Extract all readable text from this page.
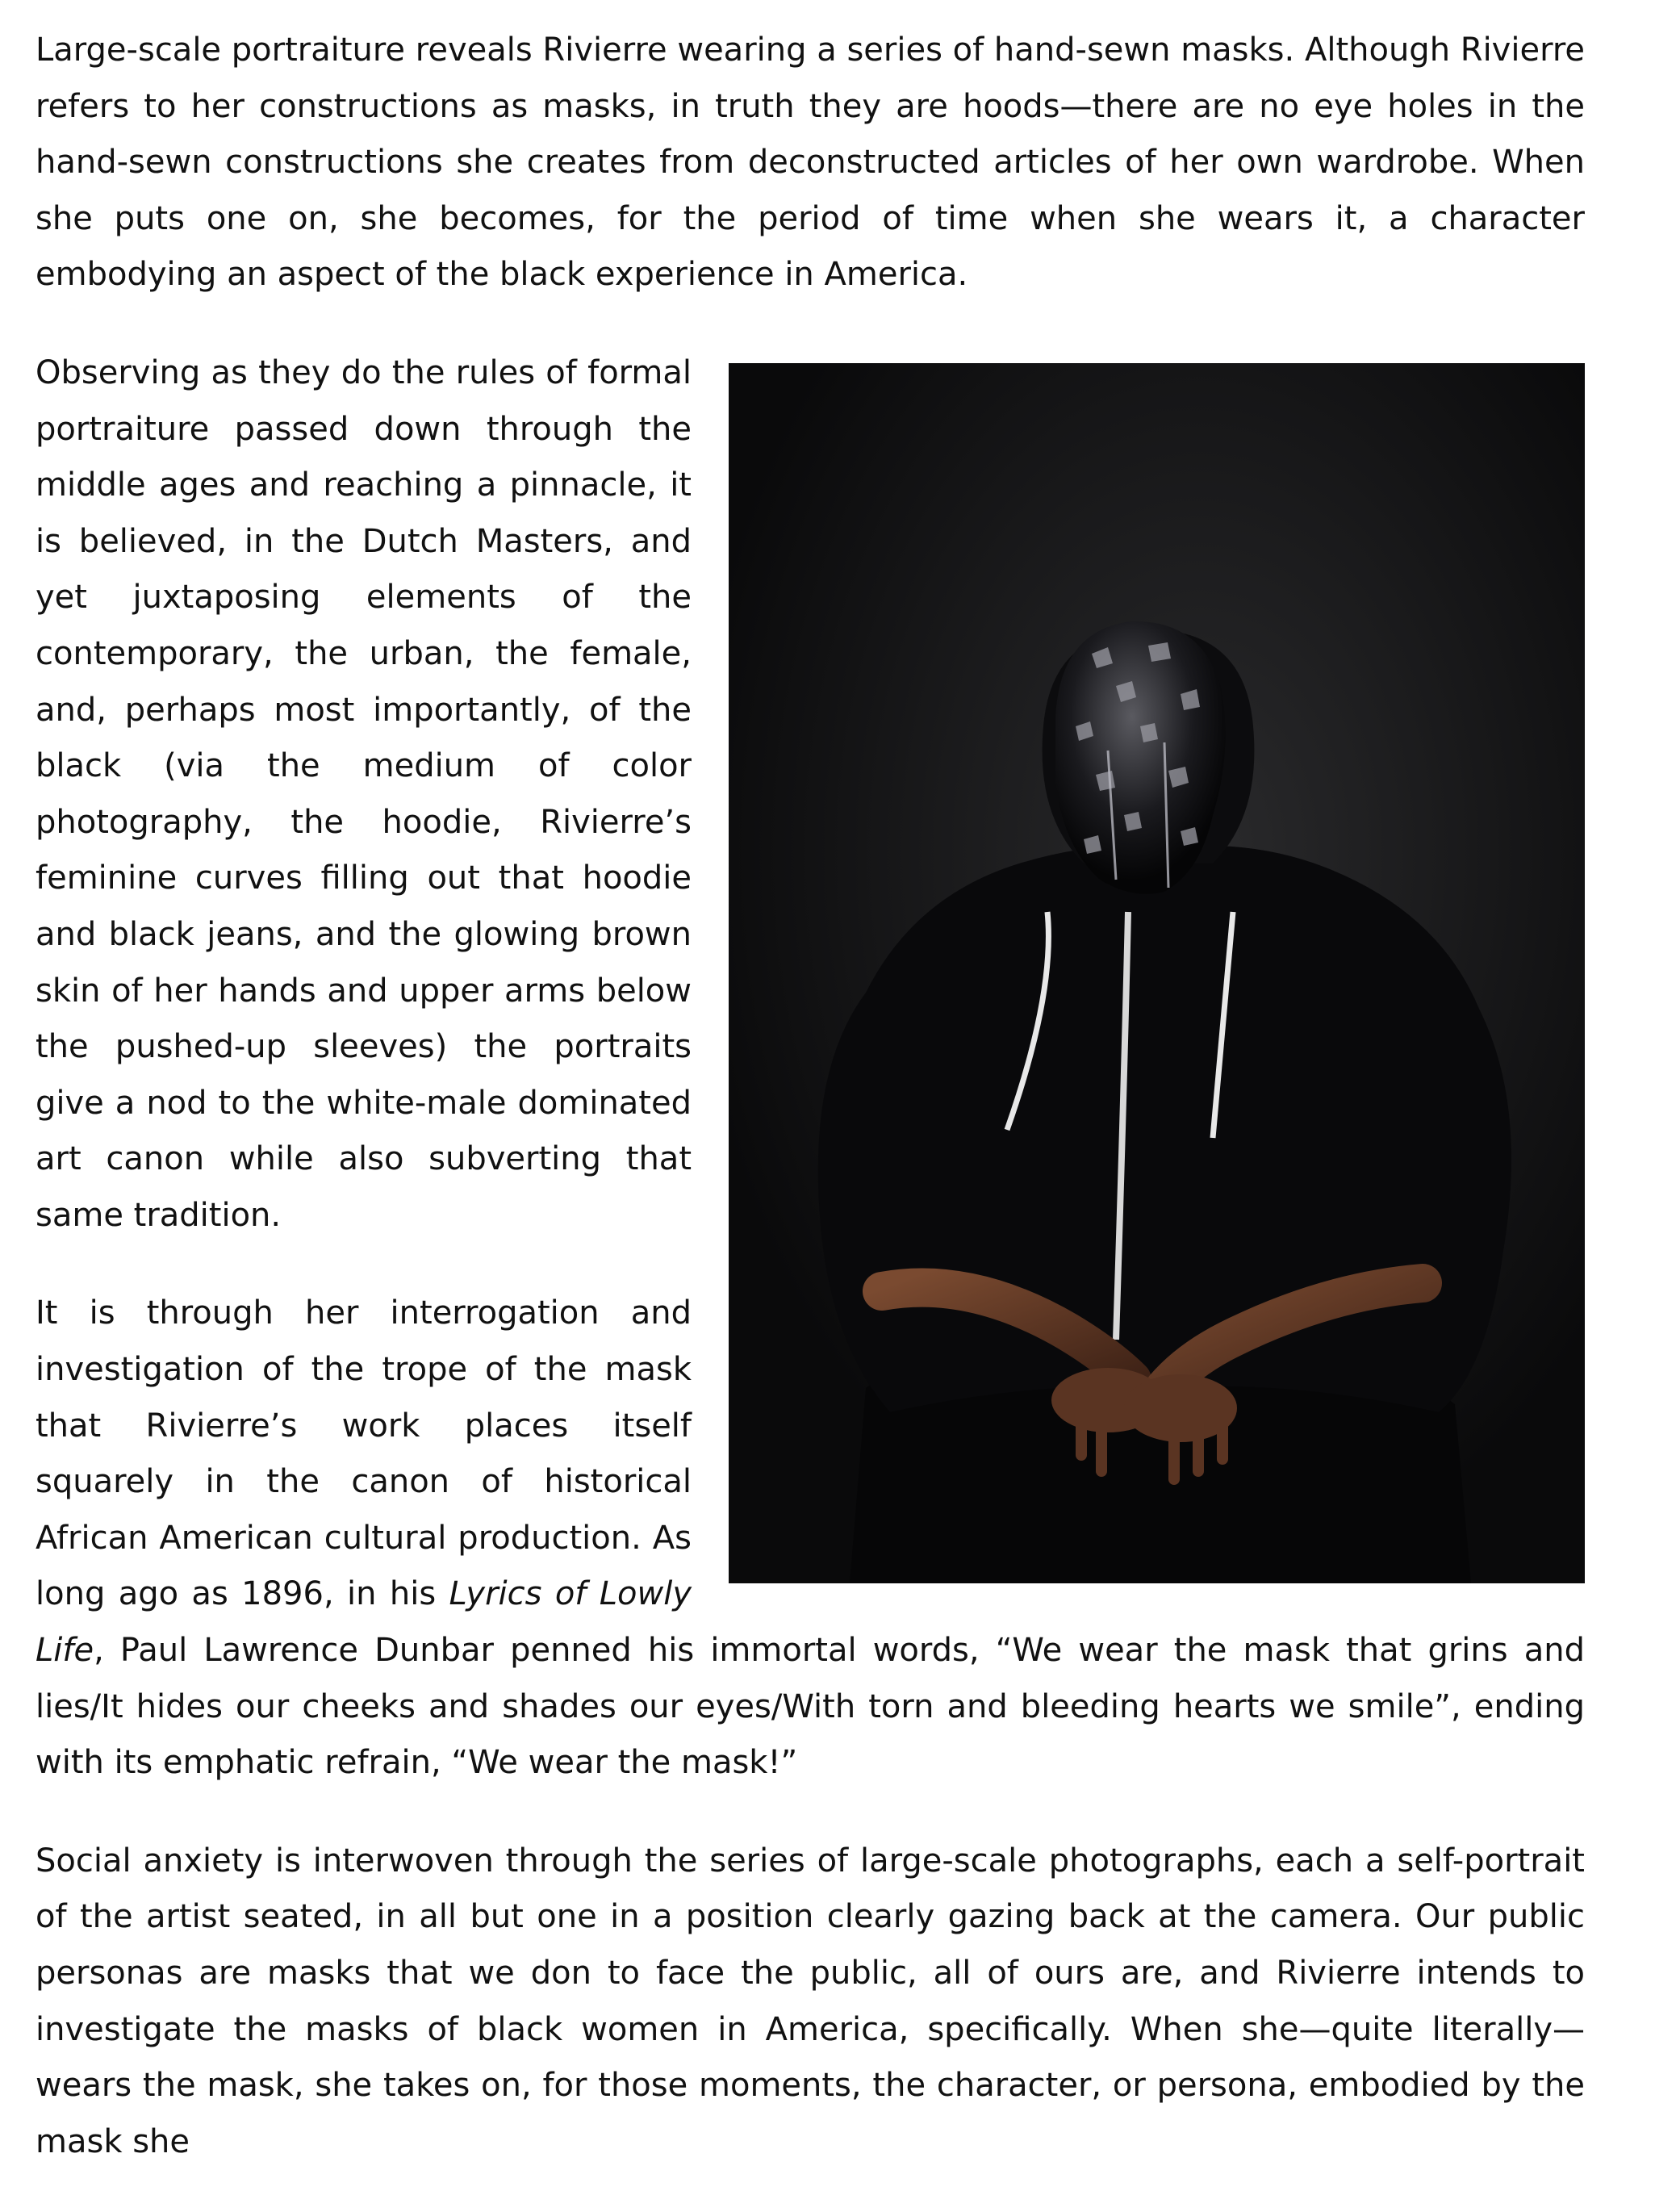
Large-scale portraiture reveals Rivierre wearing a series of hand-sewn masks. Although Rivierre refers to her constructions as masks, in truth they are hoods—there are no eye holes in the hand-sewn constructions she creates from deconstructed articles of her own wardrobe. When she puts one on, she becomes, for the period of time when she wears it, a character embodying an aspect of the black experience in America.

Observing as they do the rules of formal portraiture passed down through the middle ages and reaching a pinnacle, it is believed, in the Dutch Masters, and yet juxtaposing elements of the contemporary, the urban, the female, and, perhaps most importantly, of the black (via the medium of color photography, the hoodie, Rivierre’s feminine curves filling out that hoodie and black jeans, and the glowing brown skin of her hands and upper arms below the pushed-up sleeves) the portraits give a nod to the white-male dominated art canon while also subverting that same tradition.

It is through her interrogation and investigation of the trope of the mask that Rivierre’s work places itself squarely in the canon of historical African American cultural production. As long ago as 1896, in his Lyrics of Lowly Life, Paul Lawrence Dunbar penned his immortal words, “We wear the mask that grins and lies/It hides our cheeks and shades our eyes/With torn and bleeding hearts we smile”, ending with its emphatic refrain, “We wear the mask!”

Social anxiety is interwoven through the series of large-scale photographs, each a self-portrait of the artist seated, in all but one in a position clearly gazing back at the camera. Our public personas are masks that we don to face the public, all of ours are, and Rivierre intends to investigate the masks of black women in America, specifically. When she—quite literally—wears the mask, she takes on, for those moments, the character, or persona, embodied by the mask she
